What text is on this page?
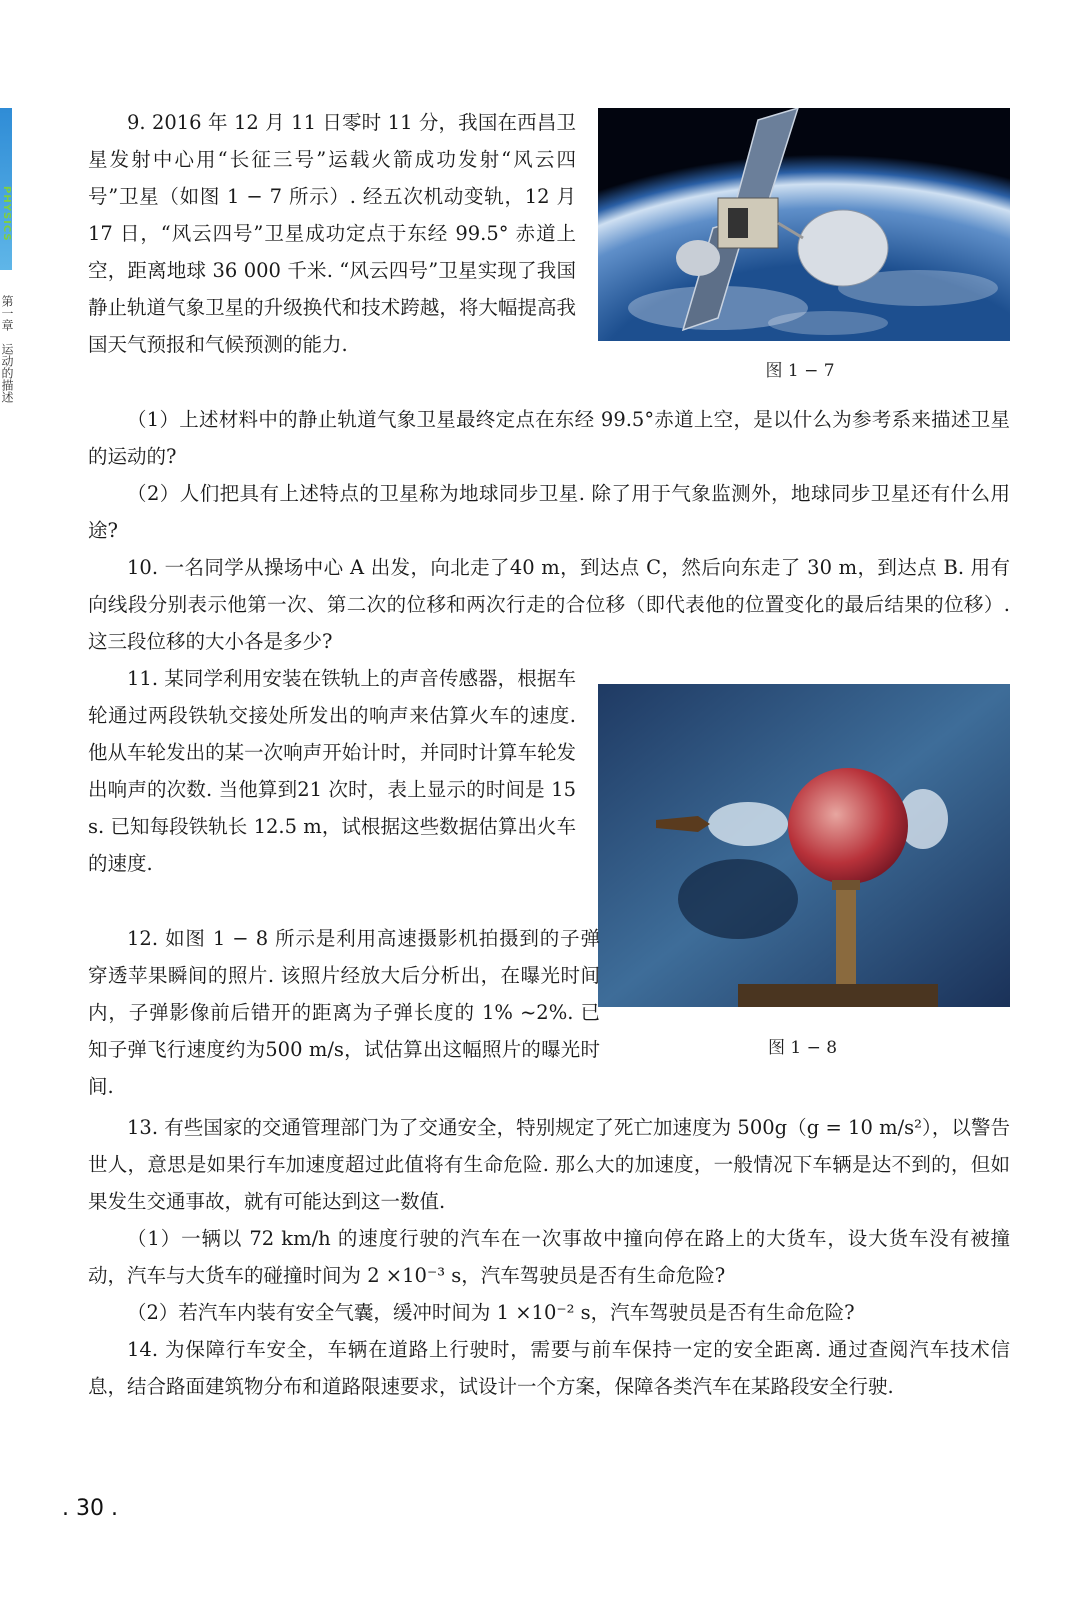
PHYSICS
第一章　运动的描述	图 1 − 7
图 1 − 8
9. 2016 年 12 月 11 日零时 11 分，我国在西昌卫星发射中心用“长征三号”运载火箭成功发射“风云四号”卫星（如图 1 − 7 所示）. 经五次机动变轨，12 月 17 日，“风云四号”卫星成功定点于东经 99.5° 赤道上空，距离地球 36 000 千米. “风云四号”卫星实现了我国静止轨道气象卫星的升级换代和技术跨越，将大幅提高我国天气预报和气候预测的能力.
（1）上述材料中的静止轨道气象卫星最终定点在东经 99.5°赤道上空，是以什么为参考系来描述卫星的运动的?
（2）人们把具有上述特点的卫星称为地球同步卫星. 除了用于气象监测外，地球同步卫星还有什么用途?
10. 一名同学从操场中心 A 出发，向北走了40 m，到达点 C，然后向东走了 30 m，到达点 B. 用有向线段分别表示他第一次、第二次的位移和两次行走的合位移（即代表他的位置变化的最后结果的位移）. 这三段位移的大小各是多少?
11. 某同学利用安装在铁轨上的声音传感器，根据车轮通过两段铁轨交接处所发出的响声来估算火车的速度. 他从车轮发出的某一次响声开始计时，并同时计算车轮发出响声的次数. 当他算到21 次时，表上显示的时间是 15 s. 已知每段铁轨长 12.5 m，试根据这些数据估算出火车的速度.
12. 如图 1 − 8 所示是利用高速摄影机拍摄到的子弹穿透苹果瞬间的照片. 该照片经放大后分析出，在曝光时间内，子弹影像前后错开的距离为子弹长度的 1% ~2%. 已知子弹飞行速度约为500 m/s，试估算出这幅照片的曝光时间.
13. 有些国家的交通管理部门为了交通安全，特别规定了死亡加速度为 500g（g = 10 m/s²），以警告世人，意思是如果行车加速度超过此值将有生命危险. 那么大的加速度，一般情况下车辆是达不到的，但如果发生交通事故，就有可能达到这一数值.
（1）一辆以 72 km/h 的速度行驶的汽车在一次事故中撞向停在路上的大货车，设大货车没有被撞动，汽车与大货车的碰撞时间为 2 ×10⁻³ s，汽车驾驶员是否有生命危险?
（2）若汽车内装有安全气囊，缓冲时间为 1 ×10⁻² s，汽车驾驶员是否有生命危险?
14. 为保障行车安全，车辆在道路上行驶时，需要与前车保持一定的安全距离. 通过查阅汽车技术信息，结合路面建筑物分布和道路限速要求，试设计一个方案，保障各类汽车在某路段安全行驶.
. 30 .
